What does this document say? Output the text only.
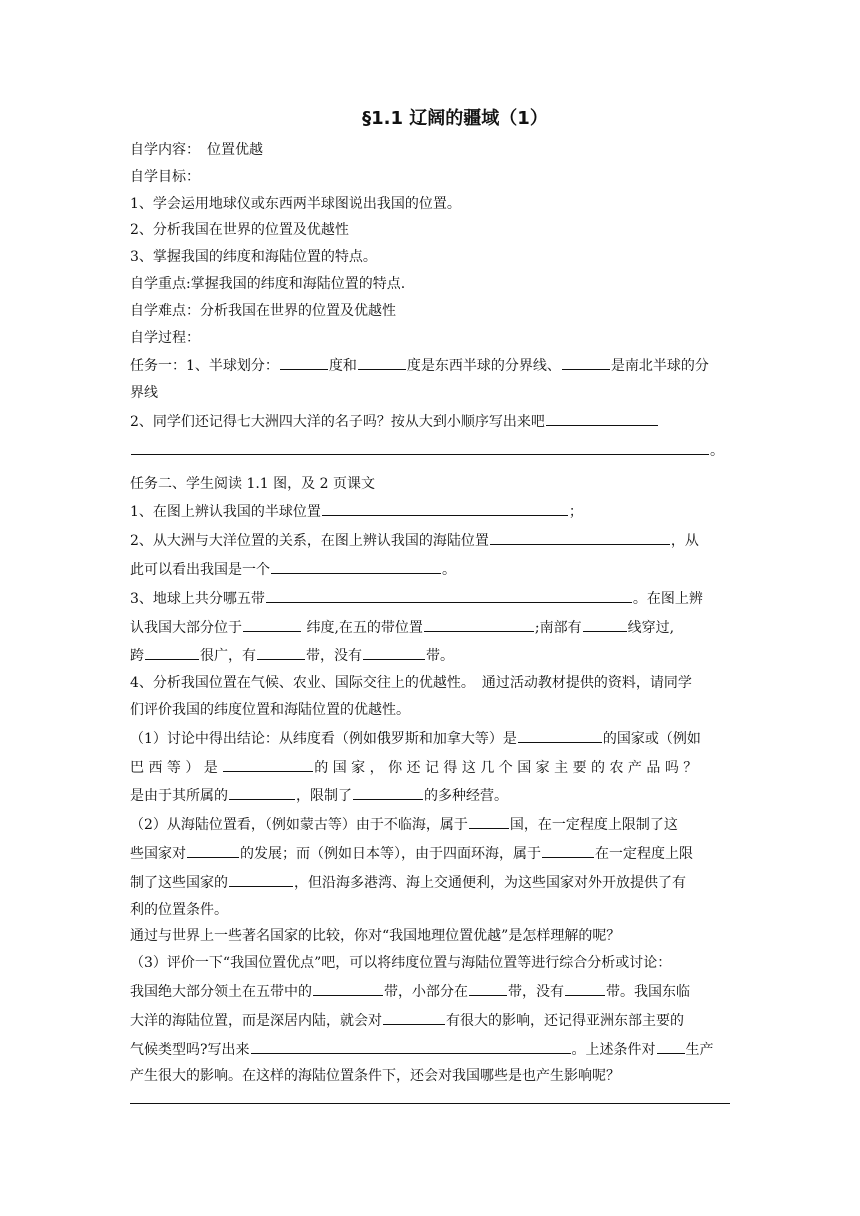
§1.1 辽阔的疆域（1）
自学内容：　位置优越
自学目标：
1、学会运用地球仪或东西两半球图说出我国的位置。
2、分析我国在世界的位置及优越性
3、掌握我国的纬度和海陆位置的特点。
自学重点:掌握我国的纬度和海陆位置的特点.
自学难点：分析我国在世界的位置及优越性
自学过程：
任务一：1、半球划分：	度和	度是东西半球的分界线、	是南北半球的分
界线
2、同学们还记得七大洲四大洋的名子吗？按从大到小顺序写出来吧
。
任务二、学生阅读 1.1 图，及 2 页课文
1、在图上辨认我国的半球位置	；
2、从大洲与大洋位置的关系，在图上辨认我国的海陆位置	，从
此可以看出我国是一个	。
3、地球上共分哪五带	。在图上辨
认我国大部分位于	纬度,在五的带位置	;南部有	线穿过,
跨	很广，有	带，没有	带。
4、分析我国位置在气候、农业、国际交往上的优越性。　通过活动教材提供的资料，请同学
们评价我国的纬度位置和海陆位置的优越性。
（1）讨论中得出结论：从纬度看（例如俄罗斯和加拿大等）是	的国家或（例如
巴 西 等 ） 是	的 国 家 ， 你 还 记 得 这 几 个 国 家 主 要 的 农 产 品 吗 ？
是由于其所属的	，限制了	的多种经营。
（2）从海陆位置看，（例如蒙古等）由于不临海，属于	国，在一定程度上限制了这
些国家对	的发展；而（例如日本等），由于四面环海，属于	在一定程度上限
制了这些国家的	，但沿海多港湾、海上交通便利，为这些国家对外开放提供了有
利的位置条件。
通过与世界上一些著名国家的比较，你对“我国地理位置优越”是怎样理解的呢？
（3）评价一下“我国位置优点”吧，可以将纬度位置与海陆位置等进行综合分析或讨论：
我国绝大部分领土在五带中的	带，小部分在	带，没有	带。我国东临
大洋的海陆位置，而是深居内陆，就会对	有很大的影响，还记得亚洲东部主要的
气候类型吗?写出来	。上述条件对 生产
产生很大的影响。在这样的海陆位置条件下，还会对我国哪些是也产生影响呢？
